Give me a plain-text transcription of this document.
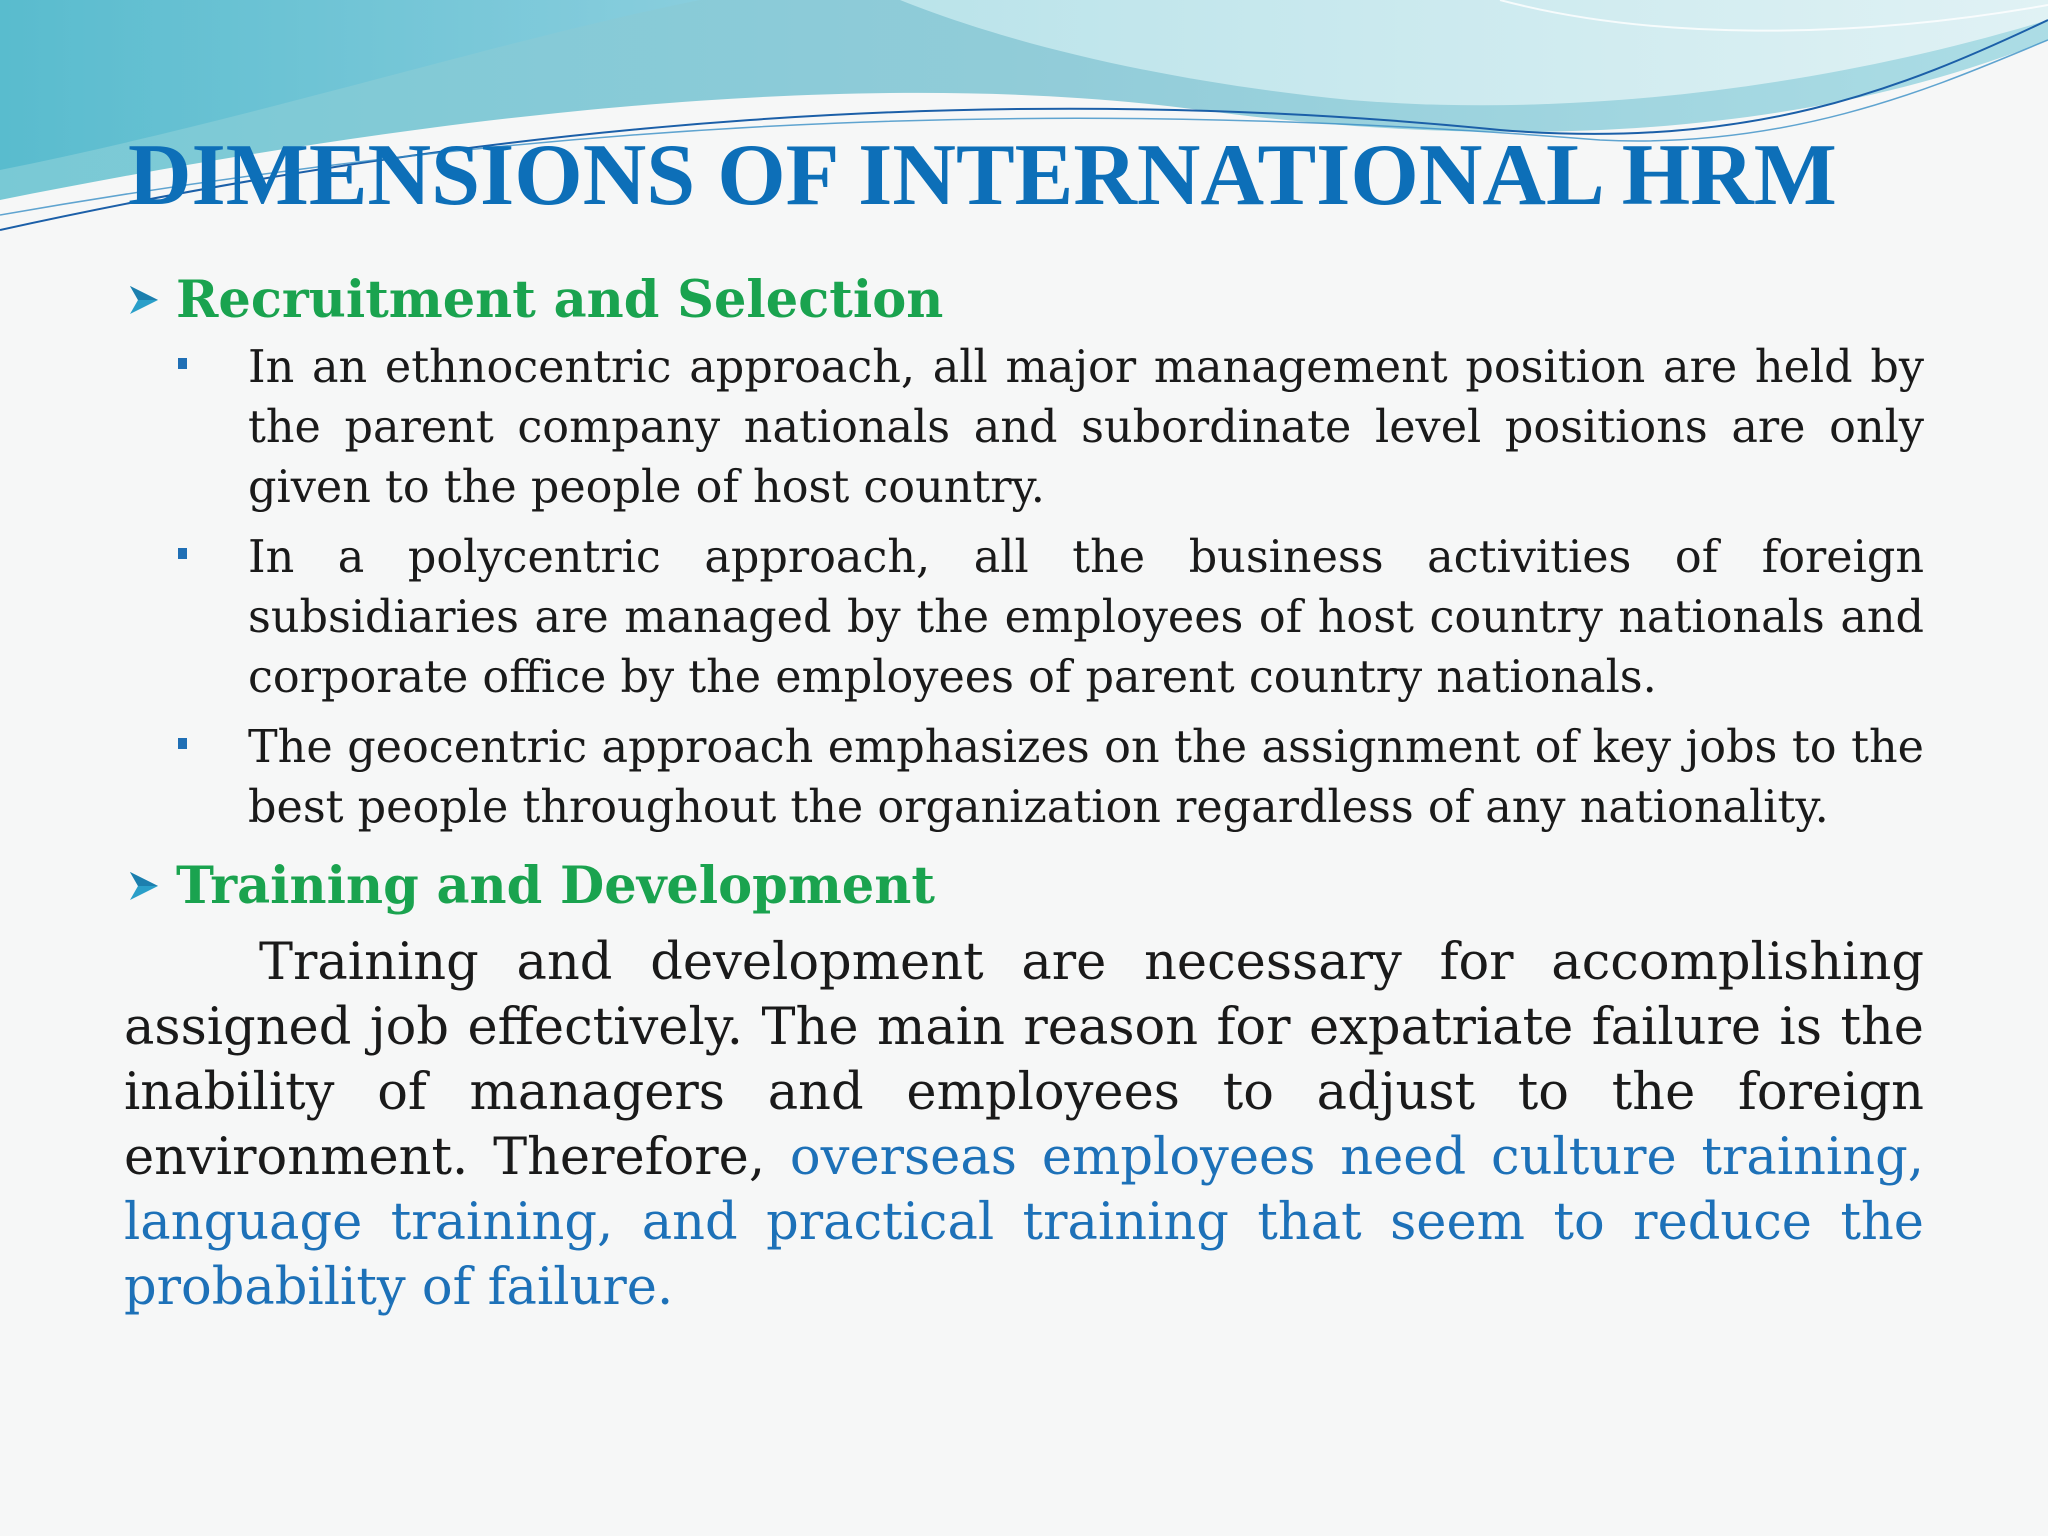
DIMENSIONS OF INTERNATIONAL HRM
Recruitment and Selection
In an ethnocentric approach, all major management position are held by the parent company nationals and subordinate level positions are only given to the people of host country.
In a polycentric approach, all the business activities of foreign subsidiaries are managed by the employees of host country nationals and corporate office by the employees of parent country nationals.
The geocentric approach emphasizes on the assignment of key jobs to the best people throughout the organization regardless of any nationality.
Training and Development

Training and development are necessary for accomplishing assigned job effectively. The main reason for expatriate failure is the inability of managers and employees to adjust to the foreign environment. Therefore, overseas employees need culture training, language training, and practical training that seem to reduce the probability of failure.
